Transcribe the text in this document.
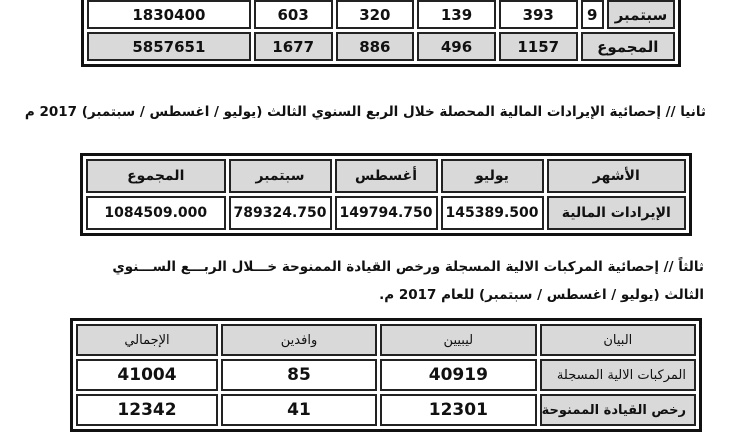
سبتمبر	9	393	139	320	603	1830400
المجموع		1157	496	886	1677	5857651
ثانيا // إحصائية الإيرادات المالية المحصلة خلال الربع السنوي الثالث (يوليو / اغسطس / سبتمبر) 2017 م
الأشهر	يوليو	أغسطس	سبتمبر	المجموع
الإيرادات المالية	145389.500	149794.750	789324.750	1084509.000
ثالثاً // إحصائية المركبات الالية المسجلة ورخص القيادة الممنوحة خـــلال الربـــع الســـنوي
الثالث (يوليو / اغسطس / سبتمبر) للعام 2017 م.
البيان	ليبيين	وافدين	الإجمالي
المركبات الالية المسجلة	40919	85	41004
رخص القيادة الممنوحة	12301	41	12342
